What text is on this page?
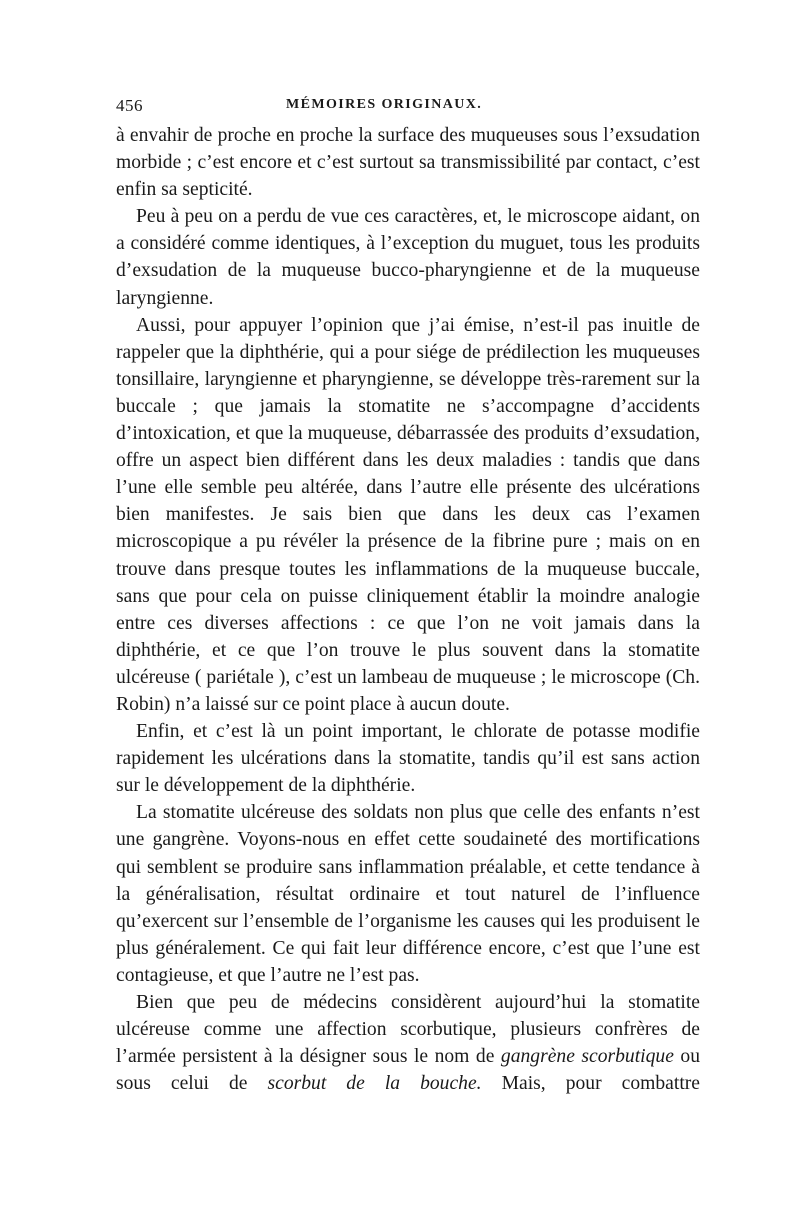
456	MÉMOIRES ORIGINAUX.

à envahir de proche en proche la surface des muqueuses sous l’exsudation morbide ; c’est encore et c’est surtout sa transmissibilité par contact, c’est enfin sa septicité.

Peu à peu on a perdu de vue ces caractères, et, le microscope aidant, on a considéré comme identiques, à l’exception du muguet, tous les produits d’exsudation de la muqueuse bucco-pharyngienne et de la muqueuse laryngienne.

Aussi, pour appuyer l’opinion que j’ai émise, n’est-il pas inuitle de rappeler que la diphthérie, qui a pour siége de prédilection les muqueuses tonsillaire, laryngienne et pharyngienne, se développe très-rarement sur la buccale ; que jamais la stomatite ne s’accompagne d’accidents d’intoxication, et que la muqueuse, débarrassée des produits d’exsudation, offre un aspect bien différent dans les deux maladies : tandis que dans l’une elle semble peu altérée, dans l’autre elle présente des ulcérations bien manifestes. Je sais bien que dans les deux cas l’examen microscopique a pu révéler la présence de la fibrine pure ; mais on en trouve dans presque toutes les inflammations de la muqueuse buccale, sans que pour cela on puisse cliniquement établir la moindre analogie entre ces diverses affections : ce que l’on ne voit jamais dans la diphthérie, et ce que l’on trouve le plus souvent dans la stomatite ulcéreuse ( pariétale ), c’est un lambeau de muqueuse ; le microscope (Ch. Robin) n’a laissé sur ce point place à aucun doute.

Enfin, et c’est là un point important, le chlorate de potasse modifie rapidement les ulcérations dans la stomatite, tandis qu’il est sans action sur le développement de la diphthérie.

La stomatite ulcéreuse des soldats non plus que celle des enfants n’est une gangrène. Voyons-nous en effet cette soudaineté des mortifications qui semblent se produire sans inflammation préalable, et cette tendance à la généralisation, résultat ordinaire et tout naturel de l’influence qu’exercent sur l’ensemble de l’organisme les causes qui les produisent le plus généralement. Ce qui fait leur différence encore, c’est que l’une est contagieuse, et que l’autre ne l’est pas.

Bien que peu de médecins considèrent aujourd’hui la stomatite ulcéreuse comme une affection scorbutique, plusieurs confrères de l’armée persistent à la désigner sous le nom de gangrène scorbutique ou sous celui de scorbut de la bouche. Mais, pour combattre
